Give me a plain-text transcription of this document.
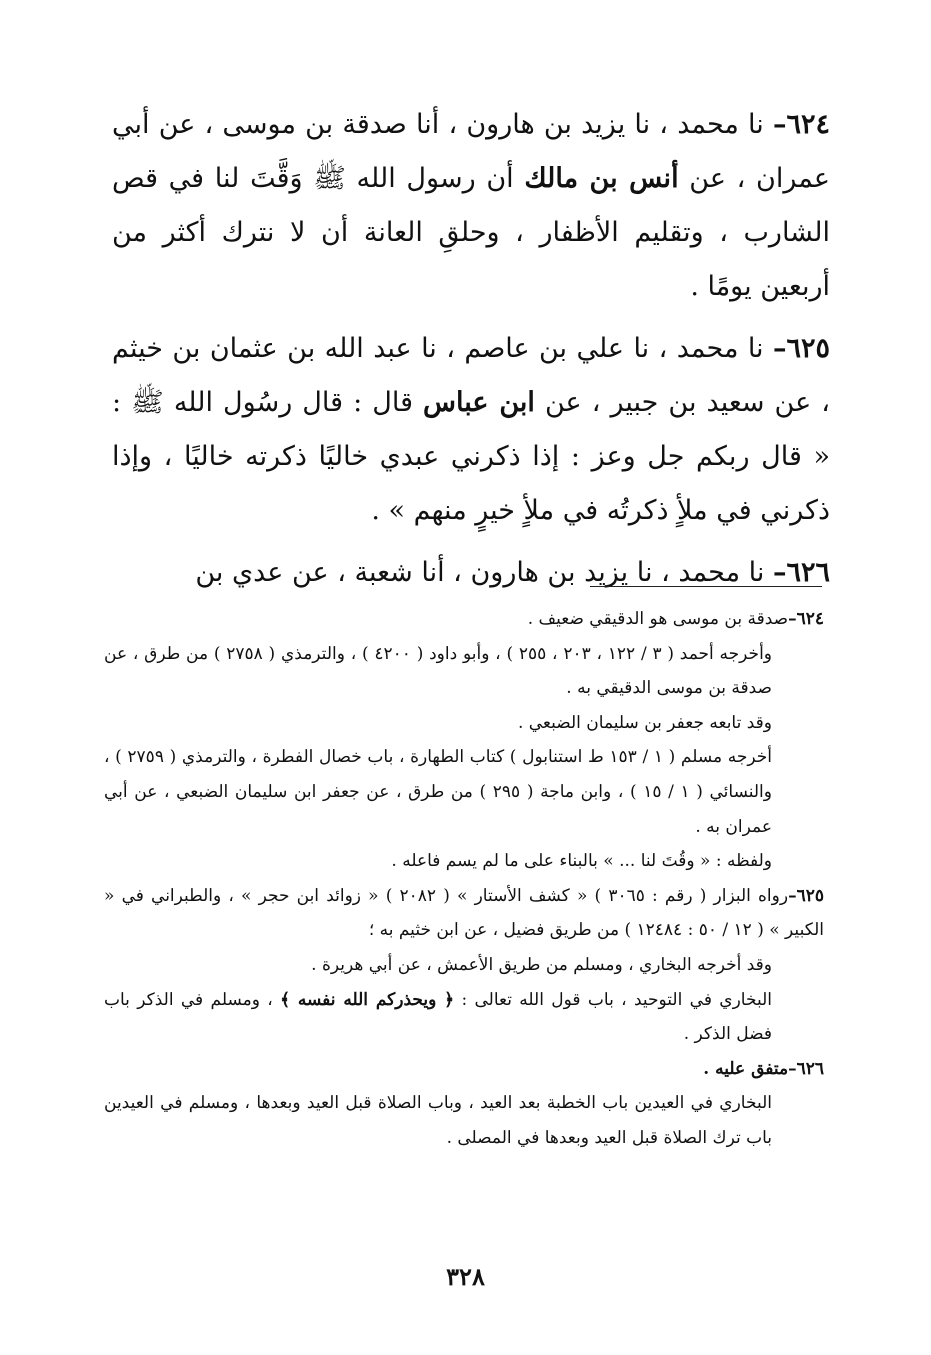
٦٢٤– نا محمد ، نا يزيد بن هارون ، أنا صدقة بن موسى ، عن أبي عمران ، عن أنس بن مالك أن رسول الله ﷺ وَقَّتَ لنا في قص الشارب ، وتقليم الأظفار ، وحلقِ العانة أن لا نترك أكثر من أربعين يومًا .

٦٢٥– نا محمد ، نا علي بن عاصم ، نا عبد الله بن عثمان بن خيثم ، عن سعيد بن جبير ، عن ابن عباس قال : قال رسُول الله ﷺ : « قال ربكم جل وعز : إذا ذكرني عبدي خاليًا ذكرته خاليًا ، وإذا ذكرني في ملأٍ ذكرتُه في ملأٍ خيرٍ منهم » .

٦٢٦– نا محمد ، نا يزيد بن هارون ، أنا شعبة ، عن عدي بن

٦٢٤–صدقة بن موسى هو الدقيقي ضعيف .

وأخرجه أحمد ( ٣ / ١٢٢ ، ٢٠٣ ، ٢٥٥ ) ، وأبو داود ( ٤٢٠٠ ) ، والترمذي ( ٢٧٥٨ ) من طرق ، عن صدقة بن موسى الدقيقي به .

وقد تابعه جعفر بن سليمان الضبعي .

أخرجه مسلم ( ١ / ١٥٣ ط استنابول ) كتاب الطهارة ، باب خصال الفطرة ، والترمذي ( ٢٧٥٩ ) ، والنسائي ( ١ / ١٥ ) ، وابن ماجة ( ٢٩٥ ) من طرق ، عن جعفر ابن سليمان الضبعي ، عن أبي عمران به .

ولفظه : « وقُتَ لنا ... » بالبناء على ما لم يسم فاعله .

٦٢٥–رواه البزار ( رقم : ٣٠٦٥ ) « كشف الأستار » ( ٢٠٨٢ ) « زوائد ابن حجر » ، والطبراني في « الكبير » ( ١٢ / ٥٠ : ١٢٤٨٤ ) من طريق فضيل ، عن ابن خثيم به ؛

وقد أخرجه البخاري ، ومسلم من طريق الأعمش ، عن أبي هريرة .

البخاري في التوحيد ، باب قول الله تعالى : ﴿ ويحذركم الله نفسه ﴾ ، ومسلم في الذكر باب فضل الذكر .

٦٢٦–متفق عليه .

البخاري في العيدين باب الخطبة بعد العيد ، وباب الصلاة قبل العيد وبعدها ، ومسلم في العيدين باب ترك الصلاة قبل العيد وبعدها في المصلى .

٣٢٨
